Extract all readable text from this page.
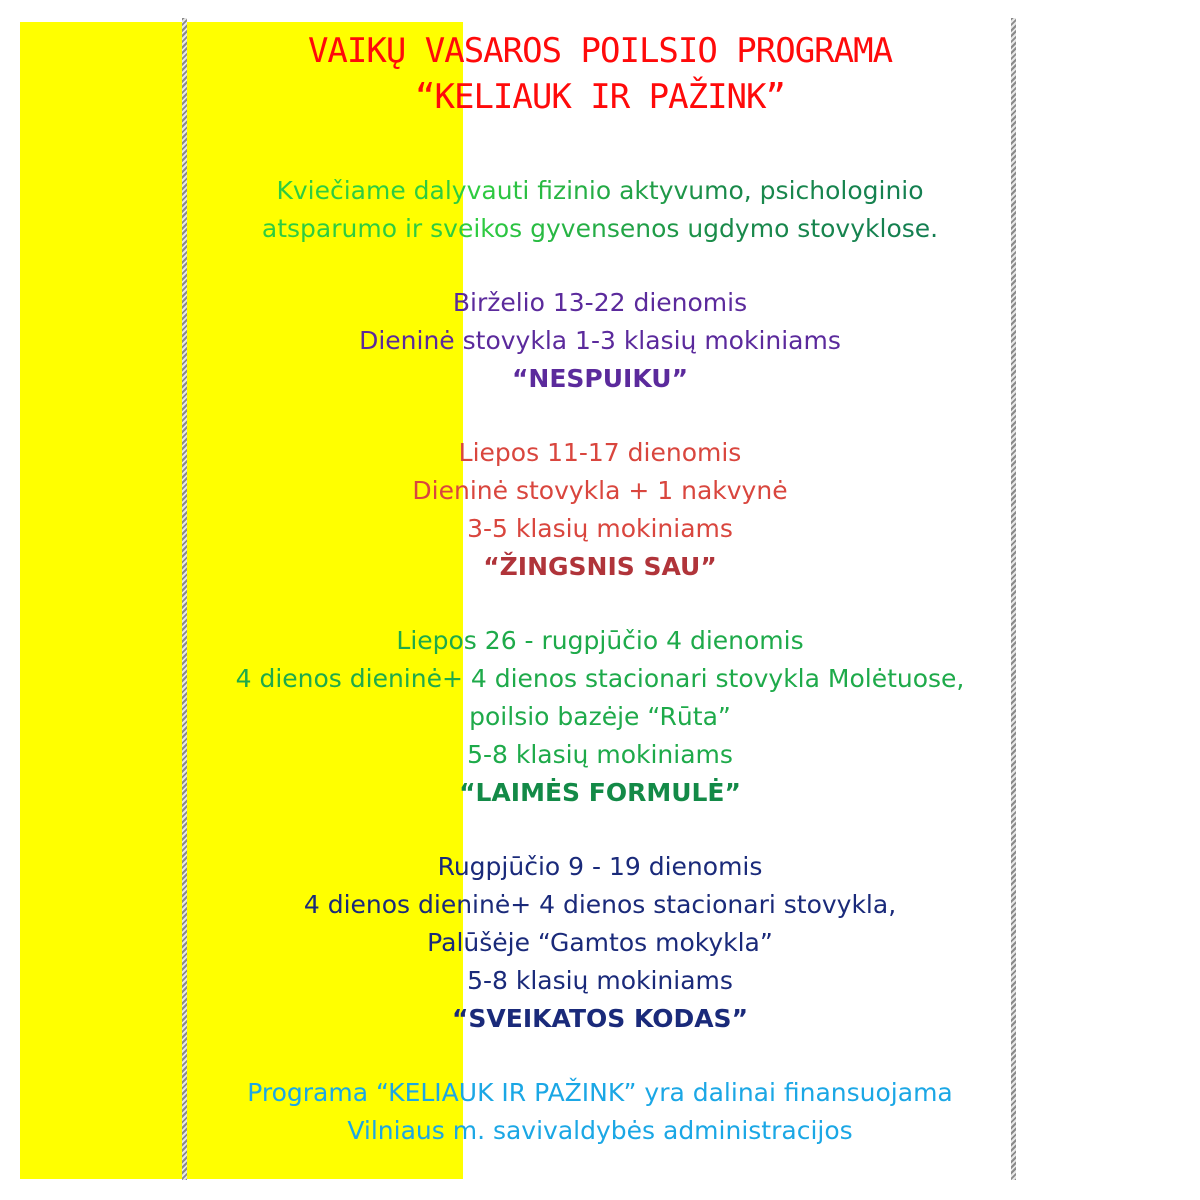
VAIKŲ VASAROS POILSIO PROGRAMA
“KELIAUK IR PAŽINK”

Kviečiame dalyvauti fizinio aktyvumo, psichologinio

atsparumo ir sveikos gyvensenos ugdymo stovyklose.

Birželio 13-22 dienomis

Dieninė stovykla 1-3 klasių mokiniams

“NESPUIKU”

Liepos 11-17 dienomis

Dieninė stovykla + 1 nakvynė

3-5 klasių mokiniams

“ŽINGSNIS SAU”

Liepos 26 - rugpjūčio 4 dienomis

4 dienos dieninė+ 4 dienos stacionari stovykla Molėtuose,

poilsio bazėje “Rūta”

5-8 klasių mokiniams

“LAIMĖS FORMULĖ”

Rugpjūčio 9 - 19 dienomis

4 dienos dieninė+ 4 dienos stacionari stovykla,

Palūšėje “Gamtos mokykla”

5-8 klasių mokiniams

“SVEIKATOS KODAS”

Programa “KELIAUK IR PAŽINK” yra dalinai finansuojama

Vilniaus m. savivaldybės administracijos
